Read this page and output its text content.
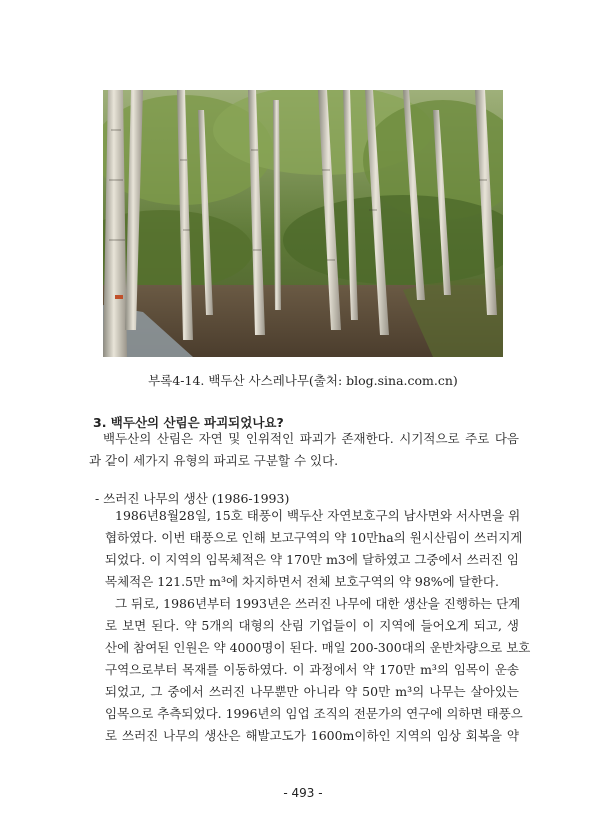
부록4-14. 백두산 사스레나무(출처: blog.sina.com.cn)
3. 백두산의 산림은 파괴되었나요?
백두산의 산림은 자연 및 인위적인 파괴가 존재한다. 시기적으로 주로 다음
과 같이 세가지 유형의 파괴로 구분할 수 있다.
- 쓰러진 나무의 생산 (1986-1993)
1986년8월28일, 15호 태풍이 백두산 자연보호구의 남사면와 서사면을 위
협하였다. 이번 태풍으로 인해 보고구역의 약 10만ha의 원시산림이 쓰러지게
되었다. 이 지역의 임목체적은 약 170만 m3에 달하였고 그중에서 쓰러진 임
목체적은 121.5만 m³에 차지하면서 전체 보호구역의 약 98%에 달한다.
그 뒤로, 1986년부터 1993년은 쓰러진 나무에 대한 생산을 진행하는 단계
로 보면 된다. 약 5개의 대형의 산림 기업들이 이 지역에 들어오게 되고, 생
산에 참여된 인원은 약 4000명이 된다. 매일 200-300대의 운반차량으로 보호
구역으로부터 목재를 이동하였다. 이 과정에서 약 170만 m³의 임목이 운송
되었고, 그 중에서 쓰러진 나무뿐만 아니라 약 50만 m³의 나무는 살아있는
임목으로 추측되었다. 1996년의 임업 조직의 전문가의 연구에 의하면 태풍으
로 쓰러진 나무의 생산은 해발고도가 1600m이하인 지역의 임상 회복을 약
- 493 -
